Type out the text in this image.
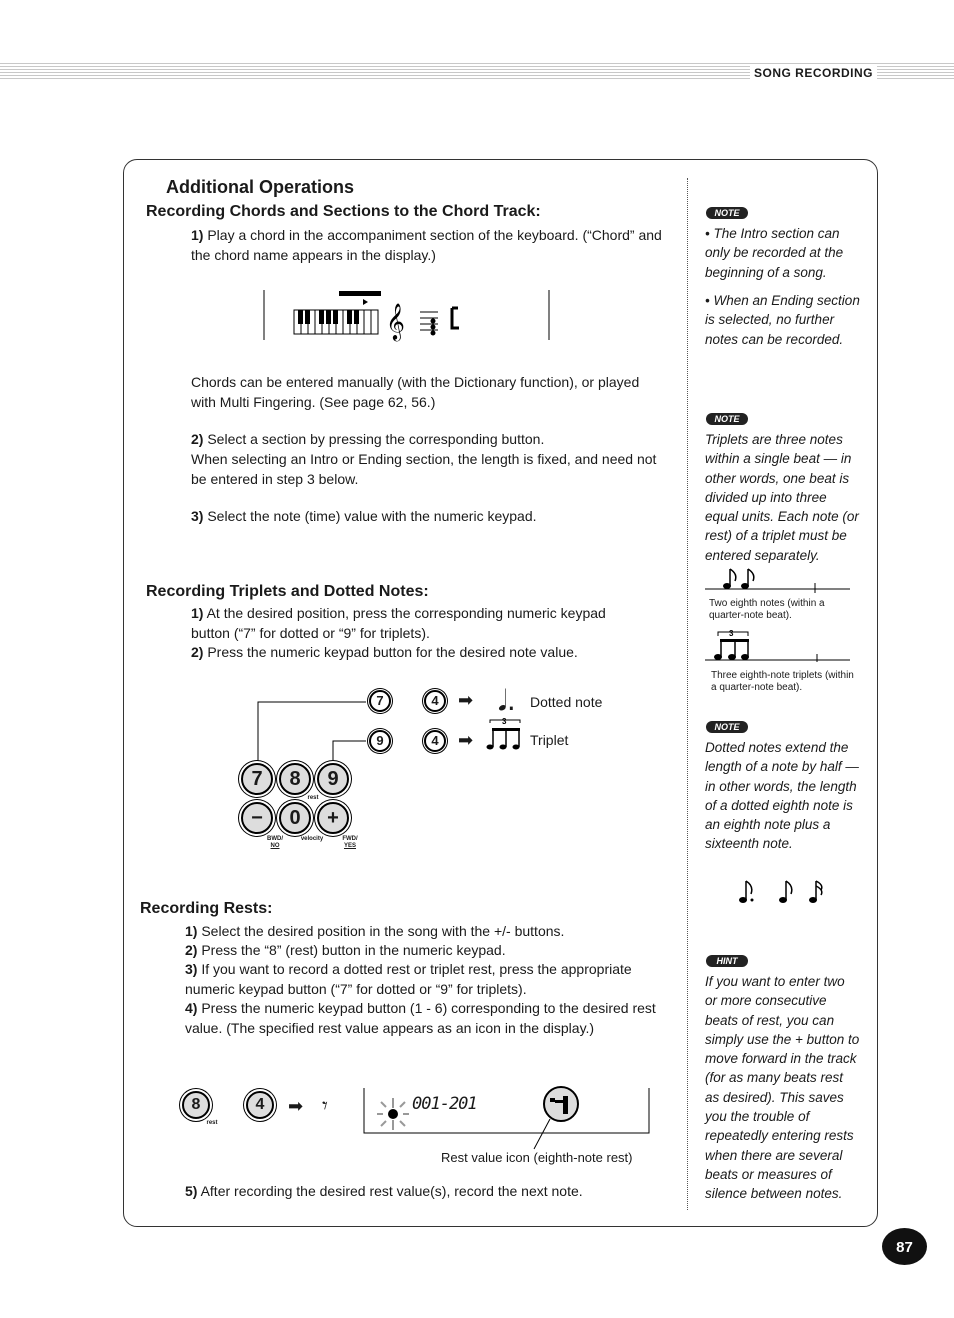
SONG RECORDING
Additional Operations
Recording Chords and Sections to the Chord Track:

1) Play a chord in the accompaniment section of the keyboard. (“Chord” and the chord name appears in the display.)

𝄞

Chords can be entered manually (with the Dictionary function), or played with Multi Fingering. (See page 62, 56.)

2) Select a section by pressing the corresponding button.

When selecting an Intro or Ending section, the length is fixed, and need not be entered in step 3 below.

3) Select the note (time) value with the numeric keypad.

Recording Triplets and Dotted Notes:

1) At the desired position, press the corresponding numeric keypad button (“7” for dotted or “9” for triplets).

2) Press the numeric keypad button for the desired note value.

7	4	➡ 𝅘𝅥. Dotted note
9	4	➡
3
Triplet
7	8	9
rest
−	0	+
BWD/
NO
velocity	FWD/
YES
Recording Rests:

1) Select the desired position in the song with the +/- buttons.

2) Press the “8” (rest) button in the numeric keypad.

3) If you want to record a dotted rest or triplet rest, press the appropriate numeric keypad button (“7” for dotted or “9” for triplets).

4) Press the numeric keypad button (1 - 6) corresponding to the desired rest value. (The specified rest value appears as an icon in the display.)

8
rest
4	➡ 𝄾	001-201
Rest value icon (eighth-note rest)

5) After recording the desired rest value(s), record the next note.

NOTE
• The Intro section can only be recorded at the beginning of a song.
• When an Ending section is selected, no further notes can be recorded.
NOTE
Triplets are three notes within a single beat — in other words, one beat is divided up into three equal units. Each note (or rest) of a triplet must be entered separately.
Two eighth notes (within a quarter-note beat).
3
Three eighth-note triplets (within a quarter-note beat).
NOTE
Dotted notes extend the length of a note by half — in other words, the length of a dotted eighth note is an eighth note plus a sixteenth note.
HINT
If you want to enter two or more consecutive beats of rest, you can simply use the + button to move forward in the track (for as many beats rest as desired). This saves you the trouble of repeatedly entering rests when there are several beats or measures of silence between notes.
87
